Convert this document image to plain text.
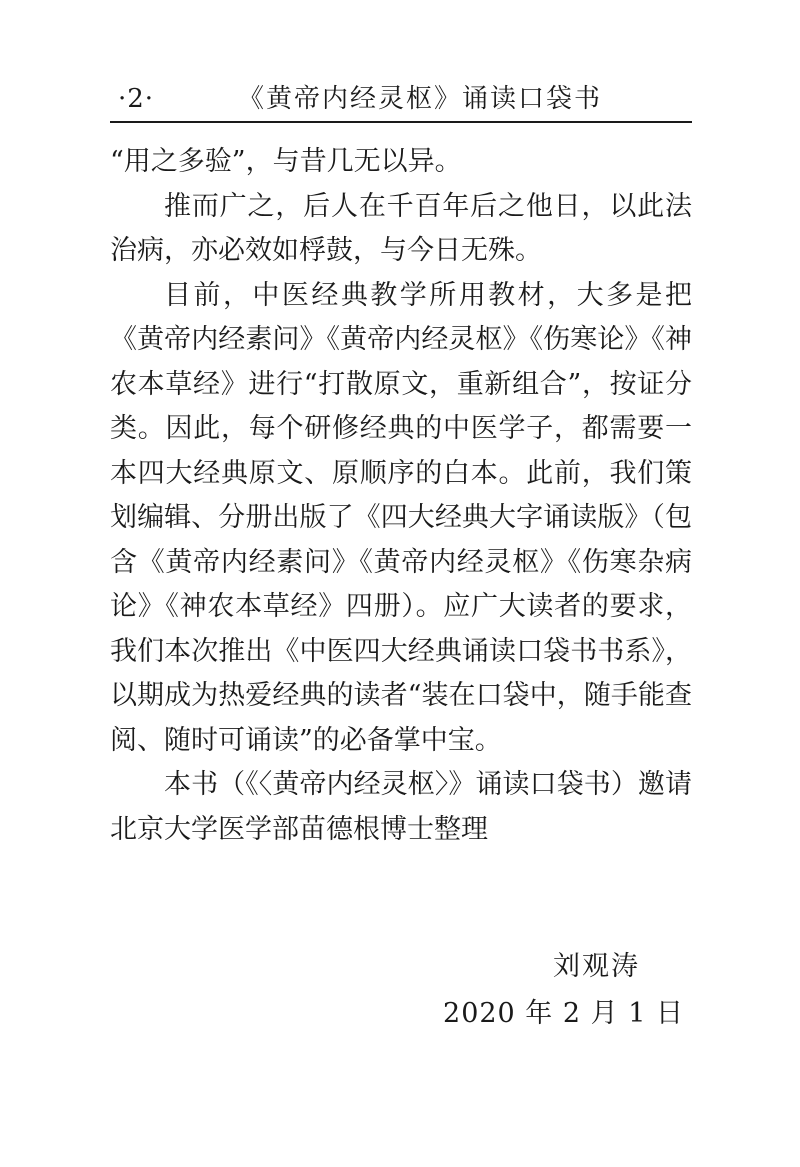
·2·	《黄帝内经灵枢》诵读口袋书

“用之多验”，与昔几无以异。

推而广之，后人在千百年后之他日，以此法治病，亦必效如桴鼓，与今日无殊。

目前，中医经典教学所用教材，大多是把《黄帝内经素问》《黄帝内经灵枢》《伤寒论》《神农本草经》进行“打散原文，重新组合”，按证分类。因此，每个研修经典的中医学子，都需要一本四大经典原文、原顺序的白本。此前，我们策划编辑、分册出版了《四大经典大字诵读版》（包含《黄帝内经素问》《黄帝内经灵枢》《伤寒杂病论》《神农本草经》四册）。应广大读者的要求，我们本次推出《中医四大经典诵读口袋书书系》，以期成为热爱经典的读者“装在口袋中，随手能查阅、随时可诵读”的必备掌中宝。

本书（《〈黄帝内经灵枢〉》诵读口袋书）邀请北京大学医学部苗德根博士整理

刘观涛
2020 年 2 月 1 日
